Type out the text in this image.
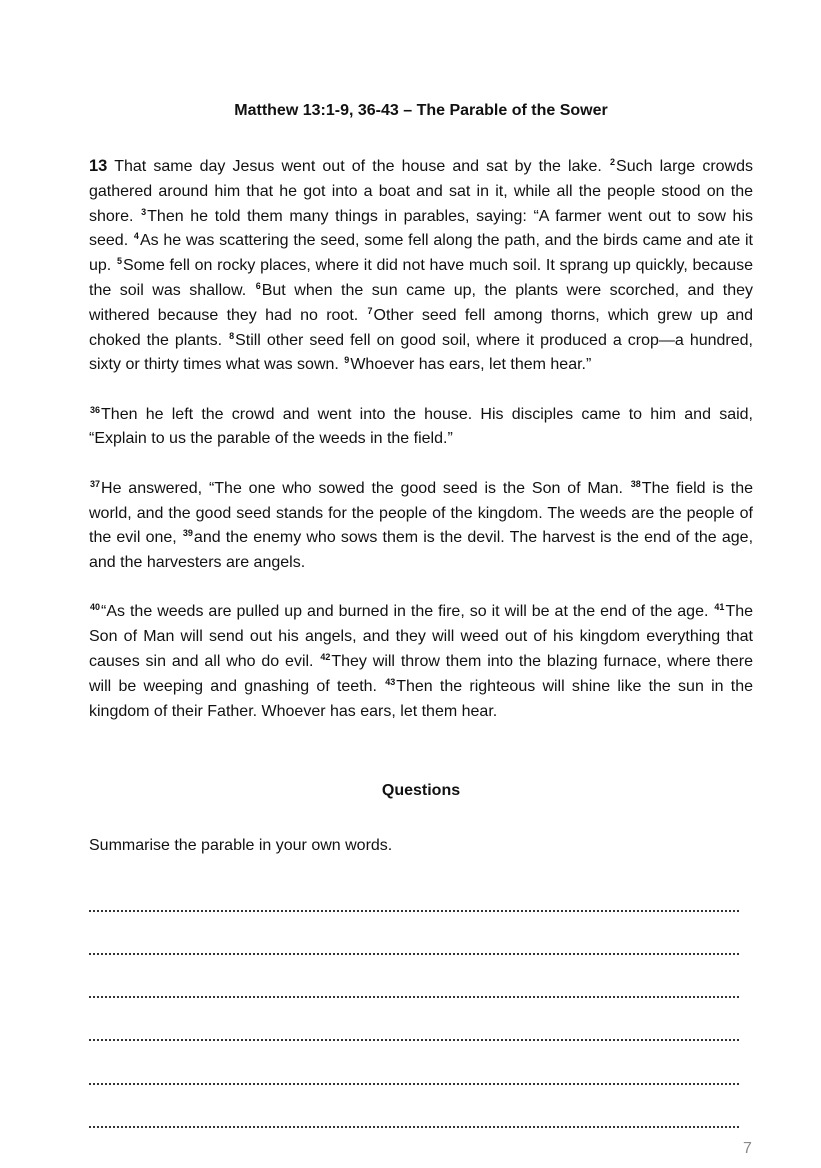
Matthew 13:1-9, 36-43 – The Parable of the Sower

13 That same day Jesus went out of the house and sat by the lake. $^2$Such large crowds gathered around him that he got into a boat and sat in it, while all the people stood on the shore. $^3$Then he told them many things in parables, saying: “A farmer went out to sow his seed. $^4$As he was scattering the seed, some fell along the path, and the birds came and ate it up. $^5$Some fell on rocky places, where it did not have much soil. It sprang up quickly, because the soil was shallow. $^6$But when the sun came up, the plants were scorched, and they withered because they had no root. $^7$Other seed fell among thorns, which grew up and choked the plants. $^8$Still other seed fell on good soil, where it produced a crop—a hundred, sixty or thirty times what was sown. $^9$Whoever has ears, let them hear.”

$^{36}$Then he left the crowd and went into the house. His disciples came to him and said, “Explain to us the parable of the weeds in the field.”

$^{37}$He answered, “The one who sowed the good seed is the Son of Man. $^{38}$The field is the world, and the good seed stands for the people of the kingdom. The weeds are the people of the evil one, $^{39}$and the enemy who sows them is the devil. The harvest is the end of the age, and the harvesters are angels.

$^{40}$“As the weeds are pulled up and burned in the fire, so it will be at the end of the age. $^{41}$The Son of Man will send out his angels, and they will weed out of his kingdom everything that causes sin and all who do evil. $^{42}$They will throw them into the blazing furnace, where there will be weeping and gnashing of teeth. $^{43}$Then the righteous will shine like the sun in the kingdom of their Father. Whoever has ears, let them hear.

Questions
Summarise the parable in your own words.
7
